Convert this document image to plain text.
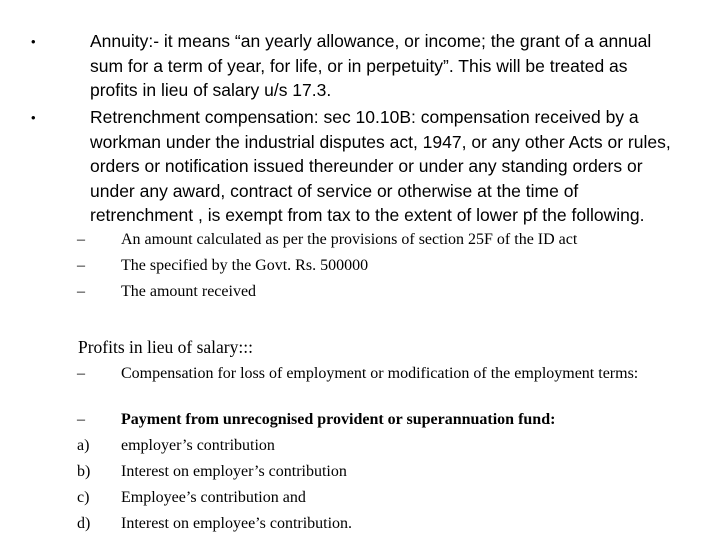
•	Annuity:- it means “an yearly allowance, or income; the grant of a annual sum for a term of year, for life, or in perpetuity”. This will be treated as profits in lieu of salary u/s 17.3.
•	Retrenchment compensation: sec 10.10B: compensation received by a workman under the industrial disputes act, 1947, or any other Acts or rules, orders or notification issued thereunder or under any standing orders or under any award, contract of service or otherwise at the time of retrenchment , is exempt from tax to the extent of lower pf the following.
– An amount calculated as per the provisions of section 25F of the ID act
– The specified by the Govt. Rs. 500000
– The amount received
Profits in lieu of salary:::
– Compensation for loss of employment or modification of the employment terms:
– Payment from unrecognised provident or superannuation fund:
a) employer’s contribution
b) Interest on employer’s contribution
c) Employee’s contribution and
d) Interest on employee’s contribution.
